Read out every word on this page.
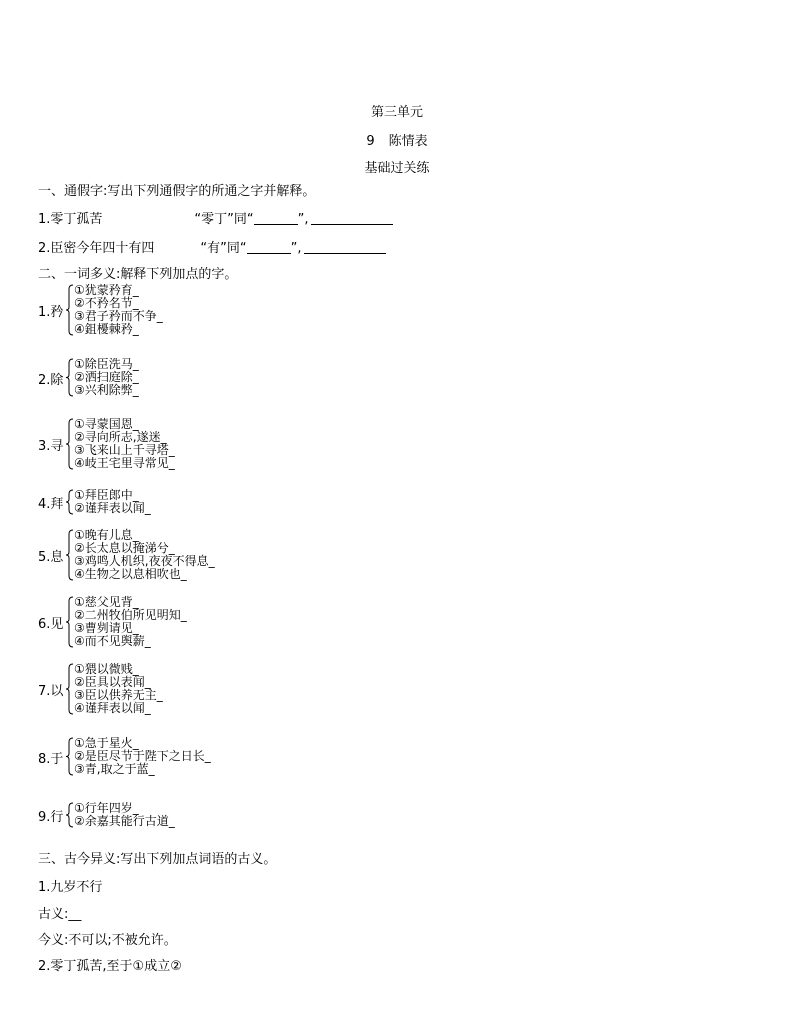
第三单元
9 陈情表
基础过关练
一、通假字:写出下列通假字的所通之字并解释。
1.零丁孤苦	“零丁”同“	”,
2.臣密今年四十有四	“有”同“	”,
二、一词多义:解释下列加点的字。
1.矜
①犹蒙矜育_
②不矜名节_
③君子矜而不争_
④鉏櫌棘矜_
2.除
①除臣洗马_
②洒扫庭除_
③兴利除弊_
3.寻
①寻蒙国恩_
②寻向所志,遂迷_
③飞来山上千寻塔_
④岐王宅里寻常见_
4.拜
①拜臣郎中_
②谨拜表以闻_
5.息
①晚有儿息_
②长太息以掩涕兮_
③鸡鸣人机织,夜夜不得息_
④生物之以息相吹也_
6.见
①慈父见背_
②二州牧伯所见明知_
③曹刿请见_
④而不见舆薪_
7.以
①猥以微贱_
②臣具以表闻_
③臣以供养无主_
④谨拜表以闻_
8.于
①急于星火_
②是臣尽节于陛下之日长_
③青,取之于蓝_
9.行
①行年四岁_
②余嘉其能行古道_
三、古今异义:写出下列加点词语的古义。
1.九岁不行
古义:__
今义:不可以;不被允许。
2.零丁孤苦,至于①成立②
